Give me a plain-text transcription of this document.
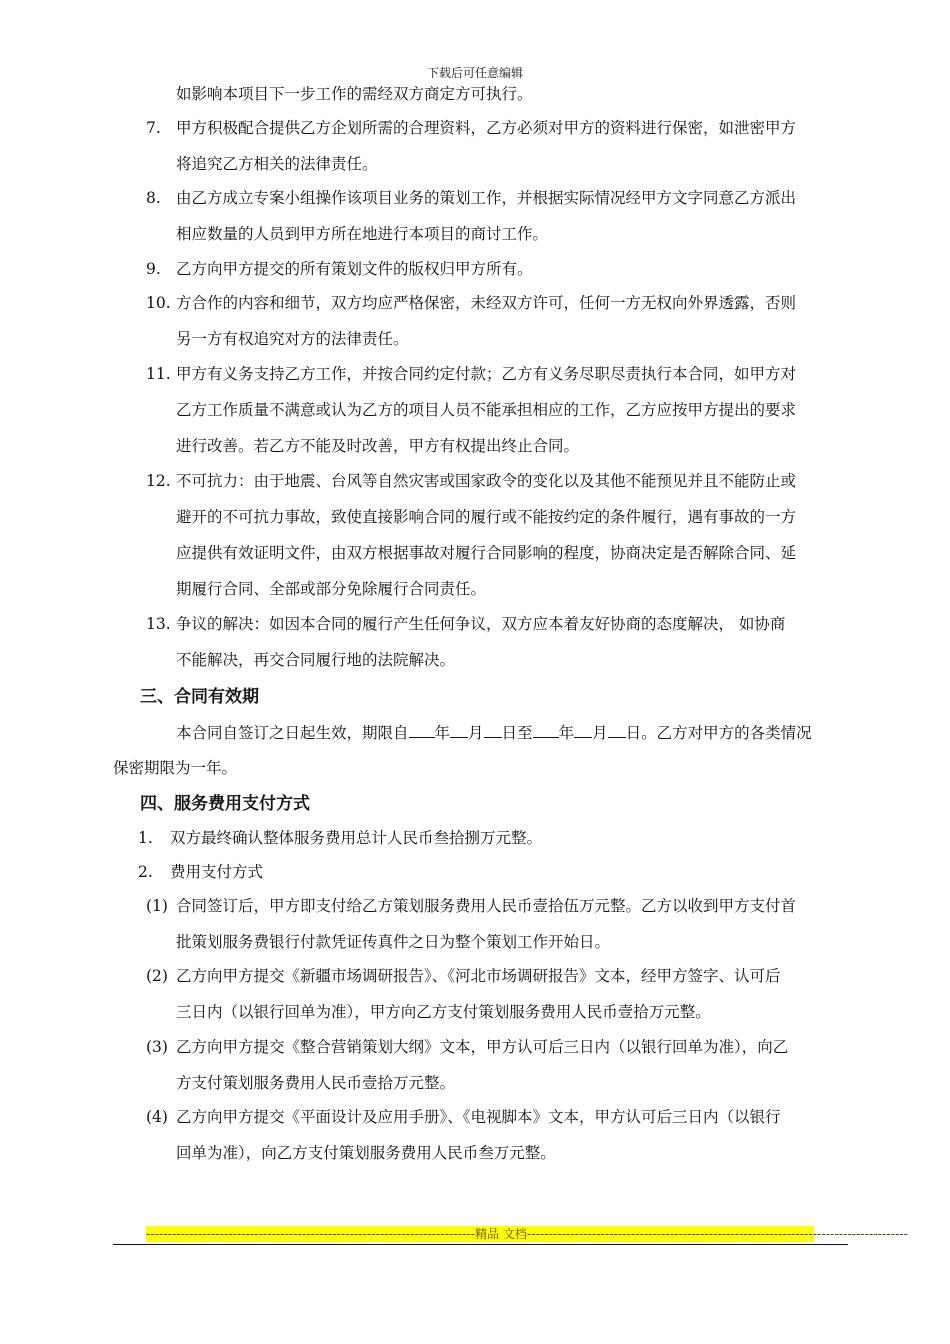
下载后可任意编辑
如影响本项目下一步工作的需经双方商定方可执行。
7. 甲方积极配合提供乙方企划所需的合理资料，乙方必须对甲方的资料进行保密，如泄密甲方
将追究乙方相关的法律责任。
8. 由乙方成立专案小组操作该项目业务的策划工作，并根据实际情况经甲方文字同意乙方派出
相应数量的人员到甲方所在地进行本项目的商讨工作。
9. 乙方向甲方提交的所有策划文件的版权归甲方所有。
10. 方合作的内容和细节，双方均应严格保密，未经双方许可，任何一方无权向外界透露，否则
另一方有权追究对方的法律责任。
11. 甲方有义务支持乙方工作，并按合同约定付款；乙方有义务尽职尽责执行本合同，如甲方对
乙方工作质量不满意或认为乙方的项目人员不能承担相应的工作，乙方应按甲方提出的要求
进行改善。若乙方不能及时改善，甲方有权提出终止合同。
12. 不可抗力：由于地震、台风等自然灾害或国家政令的变化以及其他不能预见并且不能防止或
避开的不可抗力事故，致使直接影响合同的履行或不能按约定的条件履行，遇有事故的一方
应提供有效证明文件，由双方根据事故对履行合同影响的程度，协商决定是否解除合同、延
期履行合同、全部或部分免除履行合同责任。
13. 争议的解决：如因本合同的履行产生任何争议，双方应本着友好协商的态度解决， 如协商
不能解决，再交合同履行地的法院解决。
三、合同有效期
本合同自签订之日起生效，期限自 年 月 日至 年 月 日。乙方对甲方的各类情况
保密期限为一年。
四、服务费用支付方式
1. 双方最终确认整体服务费用总计人民币叁拾捌万元整。
2. 费用支付方式
(1) 合同签订后，甲方即支付给乙方策划服务费用人民币壹拾伍万元整。乙方以收到甲方支付首
批策划服务费银行付款凭证传真件之日为整个策划工作开始日。
(2) 乙方向甲方提交《新疆市场调研报告》、《河北市场调研报告》文本，经甲方签字、认可后
三日内（以银行回单为准），甲方向乙方支付策划服务费用人民币壹拾万元整。
(3) 乙方向甲方提交《整合营销策划大纲》文本，甲方认可后三日内（以银行回单为准），向乙
方支付策划服务费用人民币壹拾万元整。
(4) 乙方向甲方提交《平面设计及应用手册》、《电视脚本》文本，甲方认可后三日内（以银行
回单为准），向乙方支付策划服务费用人民币叁万元整。
----------------------------------------------------------------------------精品 文档----------------------------------------------------------------------------------------
